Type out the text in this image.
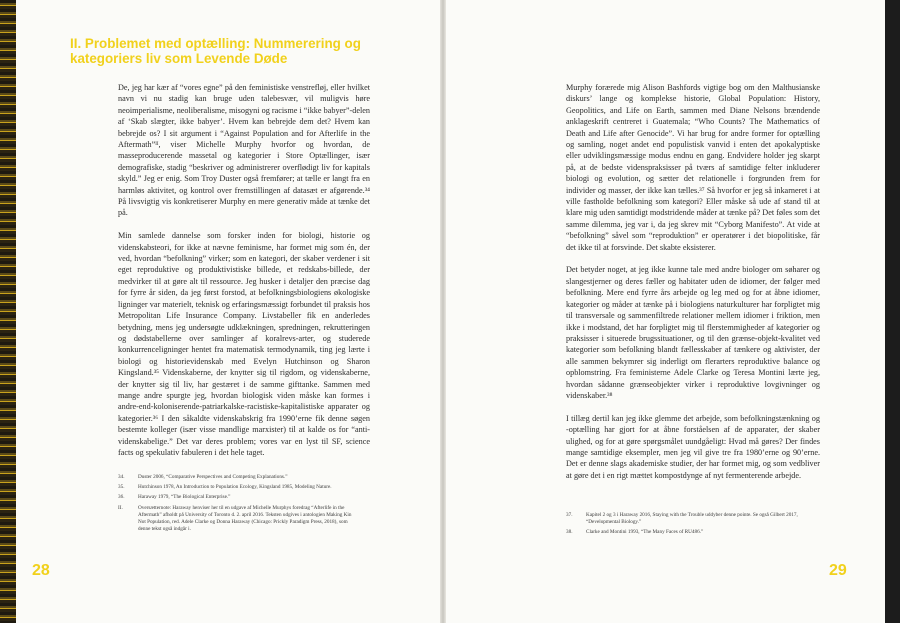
II. Problemet med optælling: Nummerering og kategoriers liv som Levende Døde

De, jeg har kær af “vores egne” på den feministiske venstrefløj, eller hvilket navn vi nu stadig kan bruge uden talebesvær, vil muligvis høre neoimperialisme, neoliberalisme, misogyni og racisme i “ikke babyer”-delen af ‘Skab slægter, ikke babyer’. Hvem kan bebrejde dem det? Hvem kan bebrejde os? I sit argument i “Against Population and for Afterlife in the Aftermath”ᴵᴵ, viser Michelle Murphy hvorfor og hvordan, de masseproducerende massetal og kategorier i Store Optællinger, især demografiske, stadig “beskriver og administrerer overflødigt liv for kapitals skyld.” Jeg er enig. Som Troy Duster også fremfører; at tælle er langt fra en harmløs aktivitet, og kontrol over fremstillingen af datasæt er afgørende.³⁴ På livsvigtig vis konkretiserer Murphy en mere generativ måde at tænke det på.

Min samlede dannelse som forsker inden for biologi, historie og videnskabsteori, for ikke at nævne feminisme, har formet mig som én, der ved, hvordan “befolkning” virker; som en kategori, der skaber verdener i sit eget reproduktive og produktivistiske billede, et redskabs-billede, der medvirker til at gøre alt til ressource. Jeg husker i detaljer den præcise dag for fyrre år siden, da jeg først forstod, at befolkningsbiologiens økologiske ligninger var materielt, teknisk og erfaringsmæssigt forbundet til praksis hos Metropolitan Life Insurance Company. Livstabeller fik en anderledes betydning, mens jeg undersøgte udklækningen, spredningen, rekrutteringen og dødstabellerne over samlinger af koralrevs-arter, og studerede konkurrenceligninger hentet fra matematisk termodynamik, ting jeg lærte i biologi og historievidenskab med Evelyn Hutchinson og Sharon Kingsland.³⁵ Videnskaberne, der knytter sig til rigdom, og videnskaberne, der knytter sig til liv, har gestæret i de samme gifttanke. Sammen med mange andre spurgte jeg, hvordan biologisk viden måske kan formes i andre-end-koloniserende-patriarkalske-racistiske-kapitalistiske apparater og kategorier.³⁶ I den såkaldte videnskabskrig fra 1990’erne fik denne søgen bestemte kolleger (især visse mandlige marxister) til at kalde os for “anti-videnskabelige.” Det var deres problem; vores var en lyst til SF, science facts og spekulativ fabuleren i det hele taget.

34.	Duster 2006, “Comparative Perspectives and Competing Explanations.”
35.	Hutchinson 1978, An Introduction to Population Ecology, Kingsland 1985, Modeling Nature.
36.	Haraway 1979, “The Biological Enterprise.”
II.	Oversætternote: Haraway henviser her til en udgave af Michelle Murphys foredrag “Afterlife in the Aftermath” afholdt på University of Toronto d. 2. april 2016. Teksten udgives i antologien Making Kin Not Population, red. Adele Clarke og Donna Haraway (Chicago: Prickly Paradigm Press, 2018), som denne tekst også indgår i.

Murphy forærede mig Alison Bashfords vigtige bog om den Malthusianske diskurs’ lange og komplekse historie, Global Population: History, Geopolitics, and Life on Earth, sammen med Diane Nelsons brændende anklageskrift centreret i Guatemala; “Who Counts? The Mathematics of Death and Life after Genocide”. Vi har brug for andre former for optælling og samling, noget andet end populistisk vanvid i enten det apokalyptiske eller udviklingsmæssige modus endnu en gang. Endvidere holder jeg skarpt på, at de bedste videnspraksisser på tværs af samtidige felter inkluderer biologi og evolution, og sætter det relationelle i forgrunden frem for individer og masser, der ikke kan tælles.³⁷ Så hvorfor er jeg så inkarneret i at ville fastholde befolkning som kategori? Eller måske så ude af stand til at klare mig uden samtidigt modstridende måder at tænke på? Det føles som det samme dilemma, jeg var i, da jeg skrev mit “Cyborg Manifesto”. At vide at “befolkning” såvel som “reproduktion” er operatører i det biopolitiske, får det ikke til at forsvinde. Det skabte eksisterer.

Det betyder noget, at jeg ikke kunne tale med andre biologer om søharer og slangestjerner og deres fæller og habitater uden de idiomer, der følger med befolkning. Mere end fyrre års arbejde og leg med og for at åbne idiomer, kategorier og måder at tænke på i biologiens naturkulturer har forpligtet mig til transversale og sammenfiltrede relationer mellem idiomer i friktion, men ikke i modstand, det har forpligtet mig til flerstemmigheder af kategorier og praksisser i situerede brugssituationer, og til den grænse-objekt-kvalitet ved kategorier som befolkning blandt fællesskaber af tænkere og aktivister, der alle sammen bekymrer sig inderligt om flerarters reproduktive balance og opblomstring. Fra feministerne Adele Clarke og Teresa Montini lærte jeg, hvordan sådanne grænseobjekter virker i reproduktive lovgivninger og videnskaber.³⁸

I tillæg dertil kan jeg ikke glemme det arbejde, som befolkningstænkning og -optælling har gjort for at åbne forståelsen af de apparater, der skaber ulighed, og for at gøre spørgsmålet uundgåeligt: Hvad må gøres? Der findes mange samtidige eksempler, men jeg vil give tre fra 1980’erne og 90’erne. Det er denne slags akademiske studier, der har formet mig, og som vedbliver at gøre det i en rigt mættet kompostdynge af nyt fermenterende arbejde.

37.	Kapitel 2 og 3 i Haraway 2016, Staying with the Trouble uddyber denne pointe. Se også Gilbert 2017, “Developmental Biology.”
38.	Clarke and Montini 1993, “The Many Faces of RU486.”
28	29
